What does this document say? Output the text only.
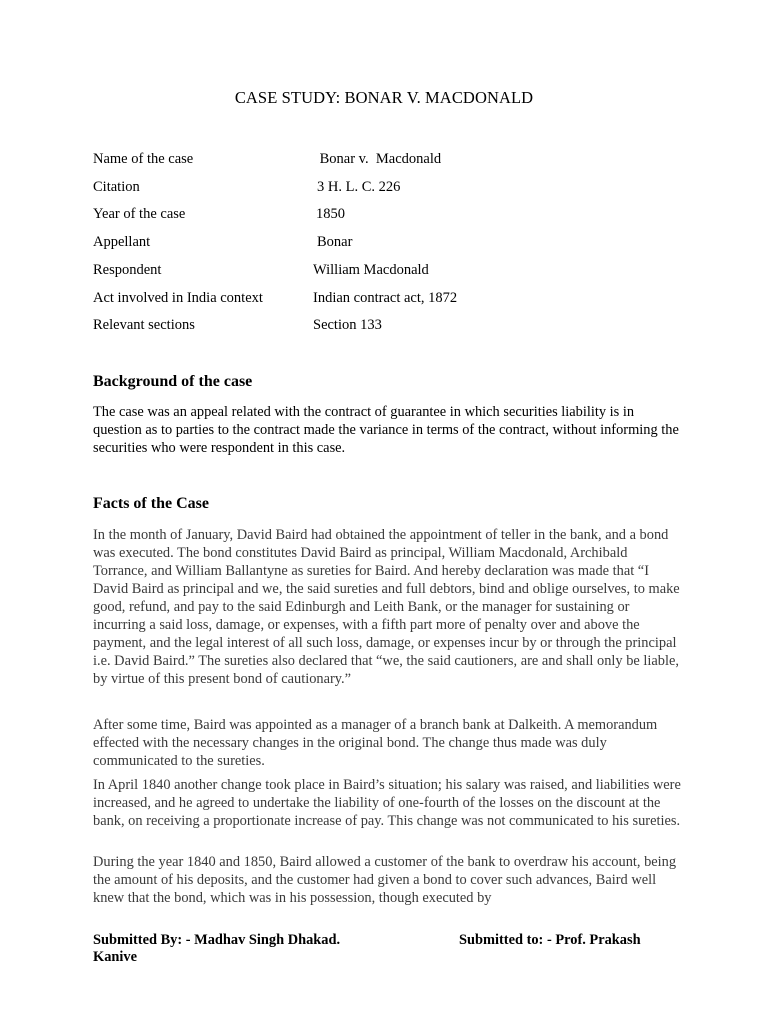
CASE STUDY: BONAR V. MACDONALD

Name of the case

	Bonar v.  Macdonald

Citation

	3 H. L. C. 226

Year of the case

	1850

Appellant

	Bonar

Respondent

	William Macdonald

Act involved in India context

	Indian contract act, 1872

Relevant sections

	Section 133

Background of the case
The case was an appeal related with the contract of guarantee in which securities liability is in question as to parties to the contract made the variance in terms of the contract, without informing the securities who were respondent in this case.
Facts of the Case
In the month of January, David Baird had obtained the appointment of teller in the bank, and a bond was executed. The bond constitutes David Baird as principal, William Macdonald, Archibald Torrance, and William Ballantyne as sureties for Baird. And hereby declaration was made that “I David Baird as principal and we, the said sureties and full debtors, bind and oblige ourselves, to make good, refund, and pay to the said Edinburgh and Leith Bank, or the manager for sustaining or incurring a said loss, damage, or expenses, with a fifth part more of penalty over and above the payment, and the legal interest of all such loss, damage, or expenses incur by or through the principal i.e. David Baird.” The sureties also declared that “we, the said cautioners, are and shall only be liable, by virtue of this present bond of cautionary.”
After some time, Baird was appointed as a manager of a branch bank at Dalkeith. A memorandum effected with the necessary changes in the original bond. The change thus made was duly communicated to the sureties.
In April 1840 another change took place in Baird’s situation; his salary was raised, and liabilities were increased, and he agreed to undertake the liability of one-fourth of the losses on the discount at the bank, on receiving a proportionate increase of pay. This change was not communicated to his sureties.
During the year 1840 and 1850, Baird allowed a customer of the bank to overdraw his account, being the amount of his deposits, and the customer had given a bond to cover such advances, Baird well knew that the bond, which was in his possession, though executed by
Submitted By: - Madhav Singh Dhakad.
Kanive
Submitted to: - Prof. Prakash
